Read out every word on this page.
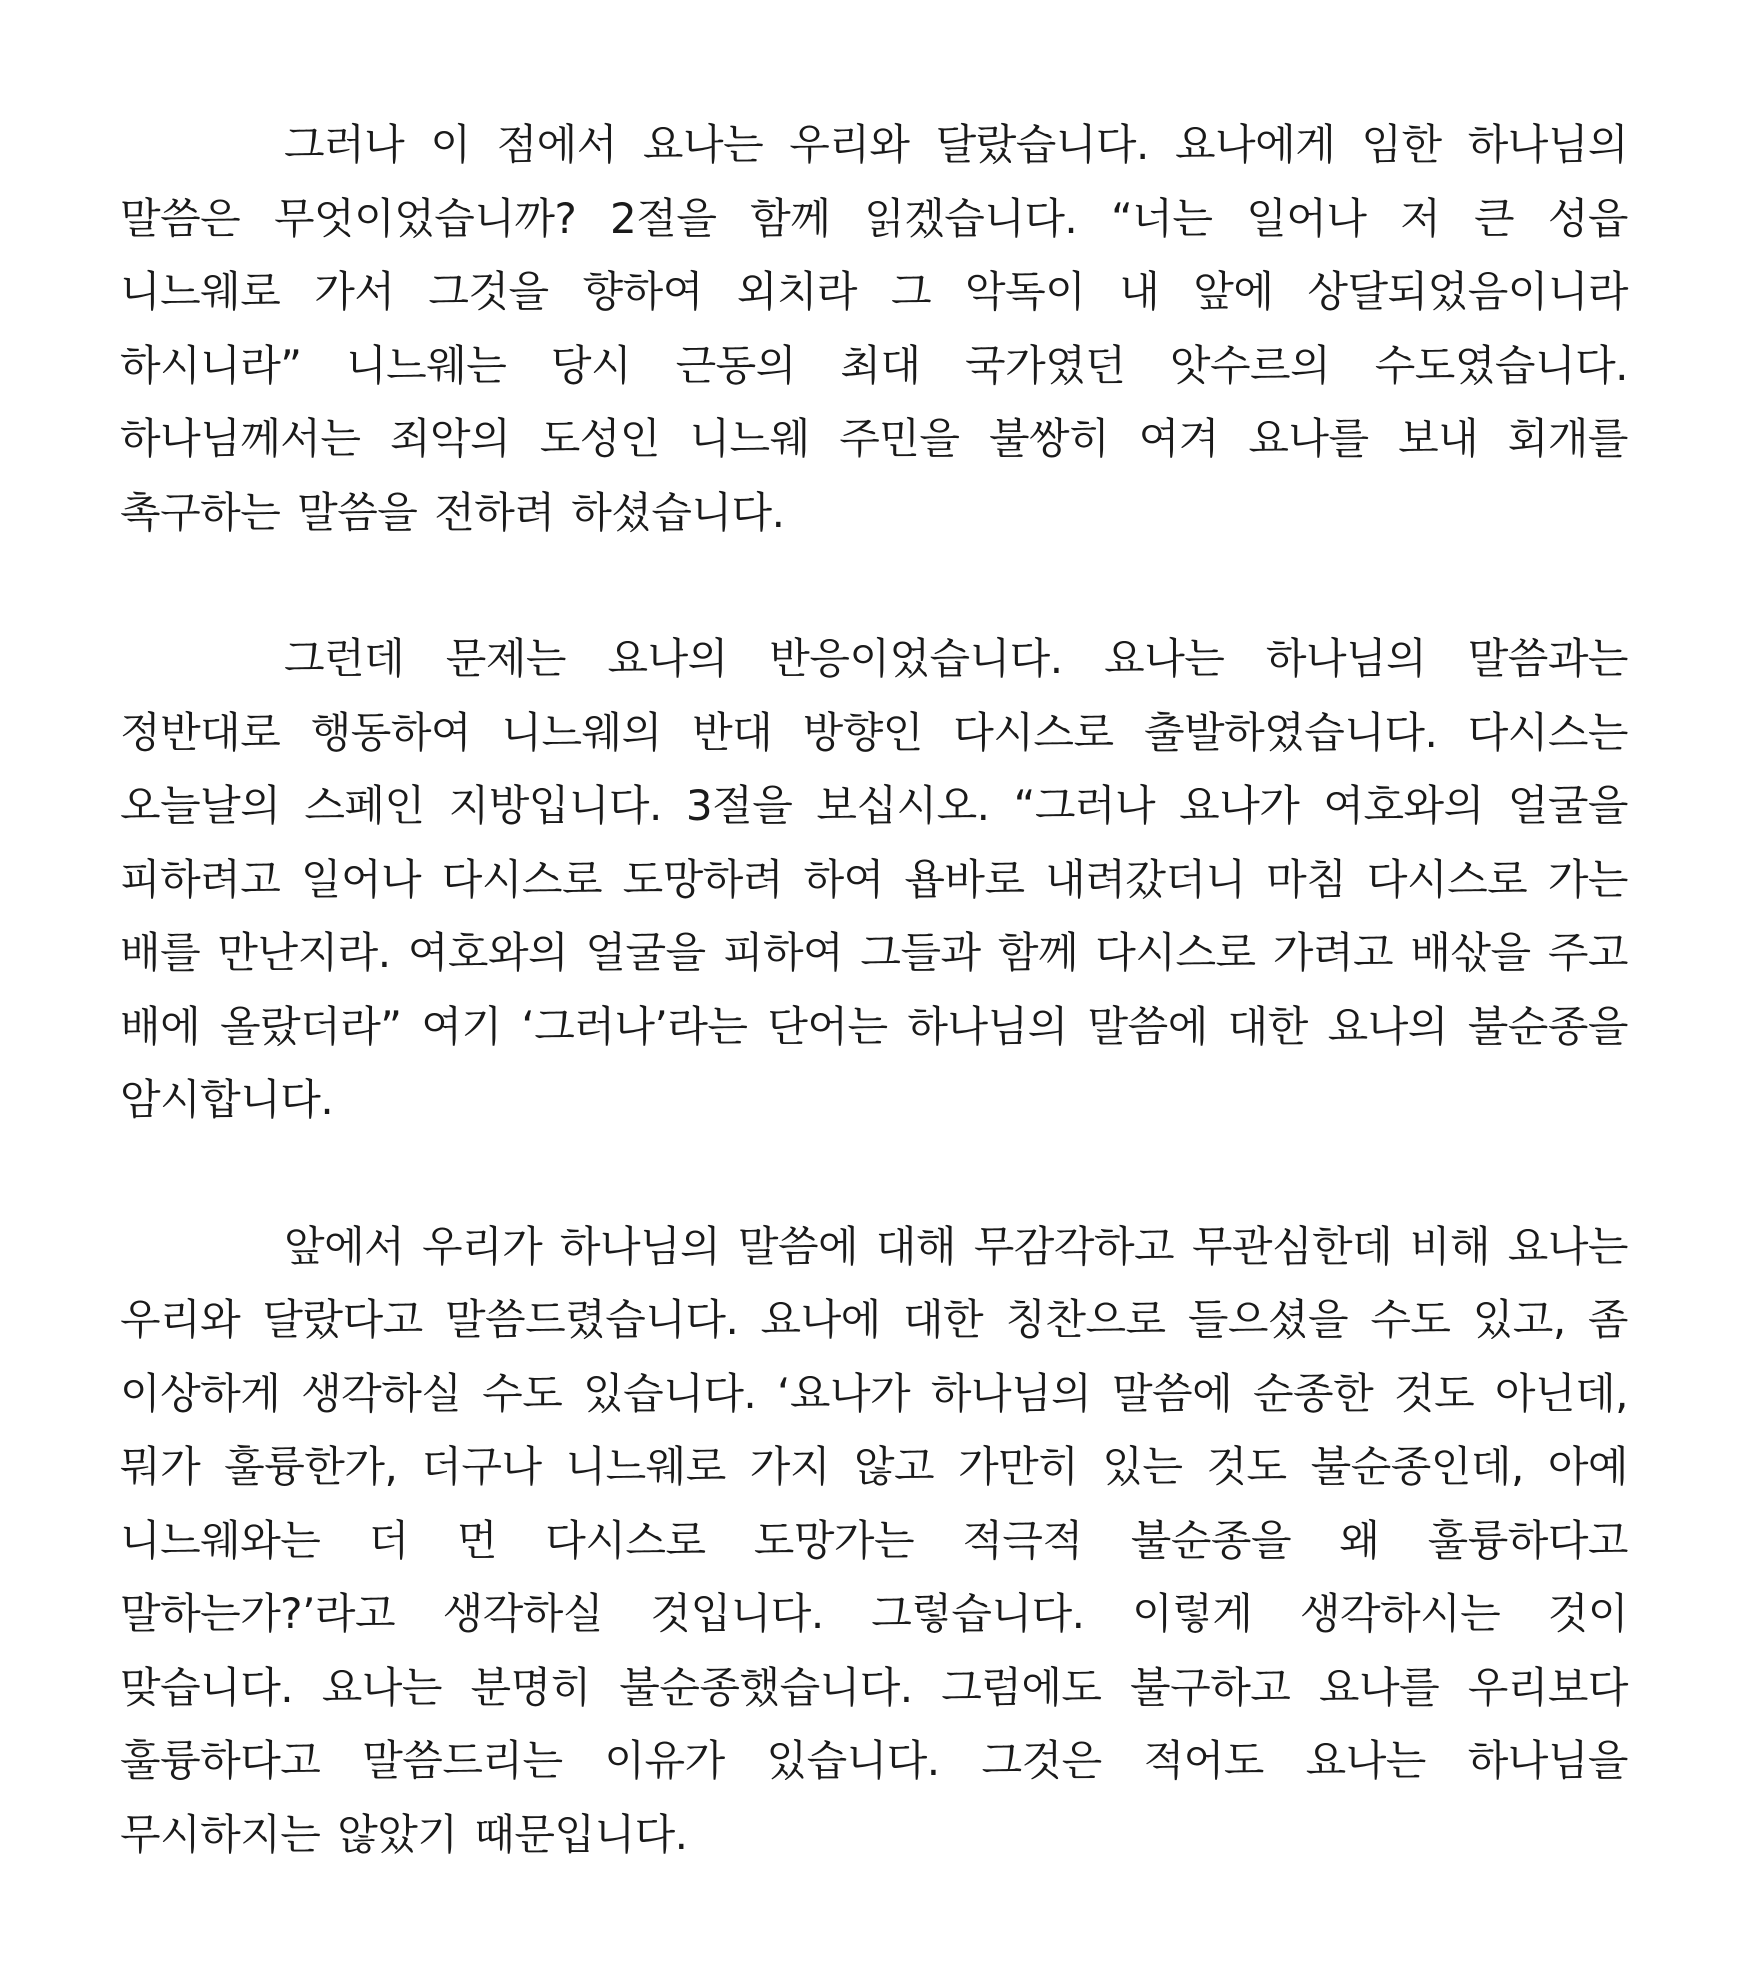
그러나 이 점에서 요나는 우리와 달랐습니다. 요나에게 임한 하나님의 말씀은 무엇이었습니까? 2절을 함께 읽겠습니다. “너는 일어나 저 큰 성읍 니느웨로 가서 그것을 향하여 외치라 그 악독이 내 앞에 상달되었음이니라 하시니라” 니느웨는 당시 근동의 최대 국가였던 앗수르의 수도였습니다. 하나님께서는 죄악의 도성인 니느웨 주민을 불쌍히 여겨 요나를 보내 회개를 촉구하는 말씀을 전하려 하셨습니다.

그런데 문제는 요나의 반응이었습니다. 요나는 하나님의 말씀과는 정반대로 행동하여 니느웨의 반대 방향인 다시스로 출발하였습니다. 다시스는 오늘날의 스페인 지방입니다. 3절을 보십시오. “그러나 요나가 여호와의 얼굴을 피하려고 일어나 다시스로 도망하려 하여 욥바로 내려갔더니 마침 다시스로 가는 배를 만난지라. 여호와의 얼굴을 피하여 그들과 함께 다시스로 가려고 배삯을 주고 배에 올랐더라” 여기 ‘그러나’라는 단어는 하나님의 말씀에 대한 요나의 불순종을 암시합니다.

앞에서 우리가 하나님의 말씀에 대해 무감각하고 무관심한데 비해 요나는 우리와 달랐다고 말씀드렸습니다. 요나에 대한 칭찬으로 들으셨을 수도 있고, 좀 이상하게 생각하실 수도 있습니다. ‘요나가 하나님의 말씀에 순종한 것도 아닌데, 뭐가 훌륭한가, 더구나 니느웨로 가지 않고 가만히 있는 것도 불순종인데, 아예 니느웨와는 더 먼 다시스로 도망가는 적극적 불순종을 왜 훌륭하다고 말하는가?’라고 생각하실 것입니다. 그렇습니다. 이렇게 생각하시는 것이 맞습니다. 요나는 분명히 불순종했습니다. 그럼에도 불구하고 요나를 우리보다 훌륭하다고 말씀드리는 이유가 있습니다. 그것은 적어도 요나는 하나님을 무시하지는 않았기 때문입니다.
